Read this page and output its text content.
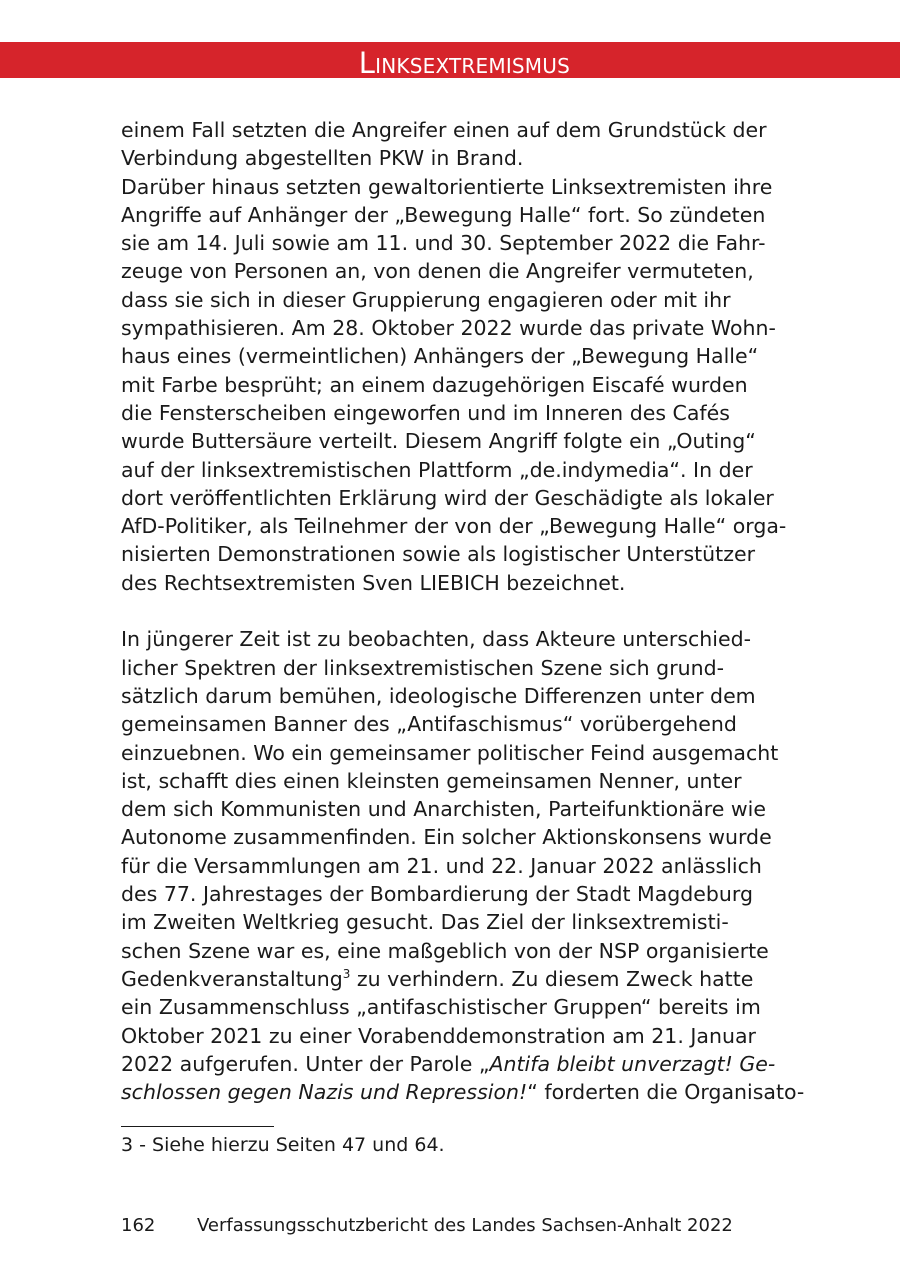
Linksextremismus
einem Fall setzten die Angreifer einen auf dem Grundstück der
Verbindung abgestellten PKW in Brand.
Darüber hinaus setzten gewaltorientierte Linksextremisten ihre
Angriffe auf Anhänger der „Bewegung Halle“ fort. So zündeten
sie am 14. Juli sowie am 11. und 30. September 2022 die Fahr-
zeuge von Personen an, von denen die Angreifer vermuteten,
dass sie sich in dieser Gruppierung engagieren oder mit ihr
sympathisieren. Am 28. Oktober 2022 wurde das private Wohn-
haus eines (vermeintlichen) Anhängers der „Bewegung Halle“
mit Farbe besprüht; an einem dazugehörigen Eiscafé wurden
die Fensterscheiben eingeworfen und im Inneren des Cafés
wurde Buttersäure verteilt. Diesem Angriff folgte ein „Outing“
auf der linksextremistischen Plattform „de.indymedia“. In der
dort veröffentlichten Erklärung wird der Geschädigte als lokaler
AfD-Politiker, als Teilnehmer der von der „Bewegung Halle“ orga-
nisierten Demonstrationen sowie als logistischer Unterstützer
des Rechtsextremisten Sven LIEBICH bezeichnet.
In jüngerer Zeit ist zu beobachten, dass Akteure unterschied-
licher Spektren der linksextremistischen Szene sich grund-
sätzlich darum bemühen, ideologische Differenzen unter dem
gemeinsamen Banner des „Antifaschismus“ vorübergehend
einzuebnen. Wo ein gemeinsamer politischer Feind ausgemacht
ist, schafft dies einen kleinsten gemeinsamen Nenner, unter
dem sich Kommunisten und Anarchisten, Parteifunktionäre wie
Autonome zusammenfinden. Ein solcher Aktionskonsens wurde
für die Versammlungen am 21. und 22. Januar 2022 anlässlich
des 77. Jahrestages der Bombardierung der Stadt Magdeburg
im Zweiten Weltkrieg gesucht. Das Ziel der linksextremisti-
schen Szene war es, eine maßgeblich von der NSP organisierte
Gedenkveranstaltung$^3$ zu verhindern. Zu diesem Zweck hatte
ein Zusammenschluss „antifaschistischer Gruppen“ bereits im
Oktober 2021 zu einer Vorabenddemonstration am 21. Januar
2022 aufgerufen. Unter der Parole „Antifa bleibt unverzagt! Ge-
schlossen gegen Nazis und Repression!“ forderten die Organisato-
3 - Siehe hierzu Seiten 47 und 64.
162 Verfassungsschutzbericht des Landes Sachsen-Anhalt 2022
